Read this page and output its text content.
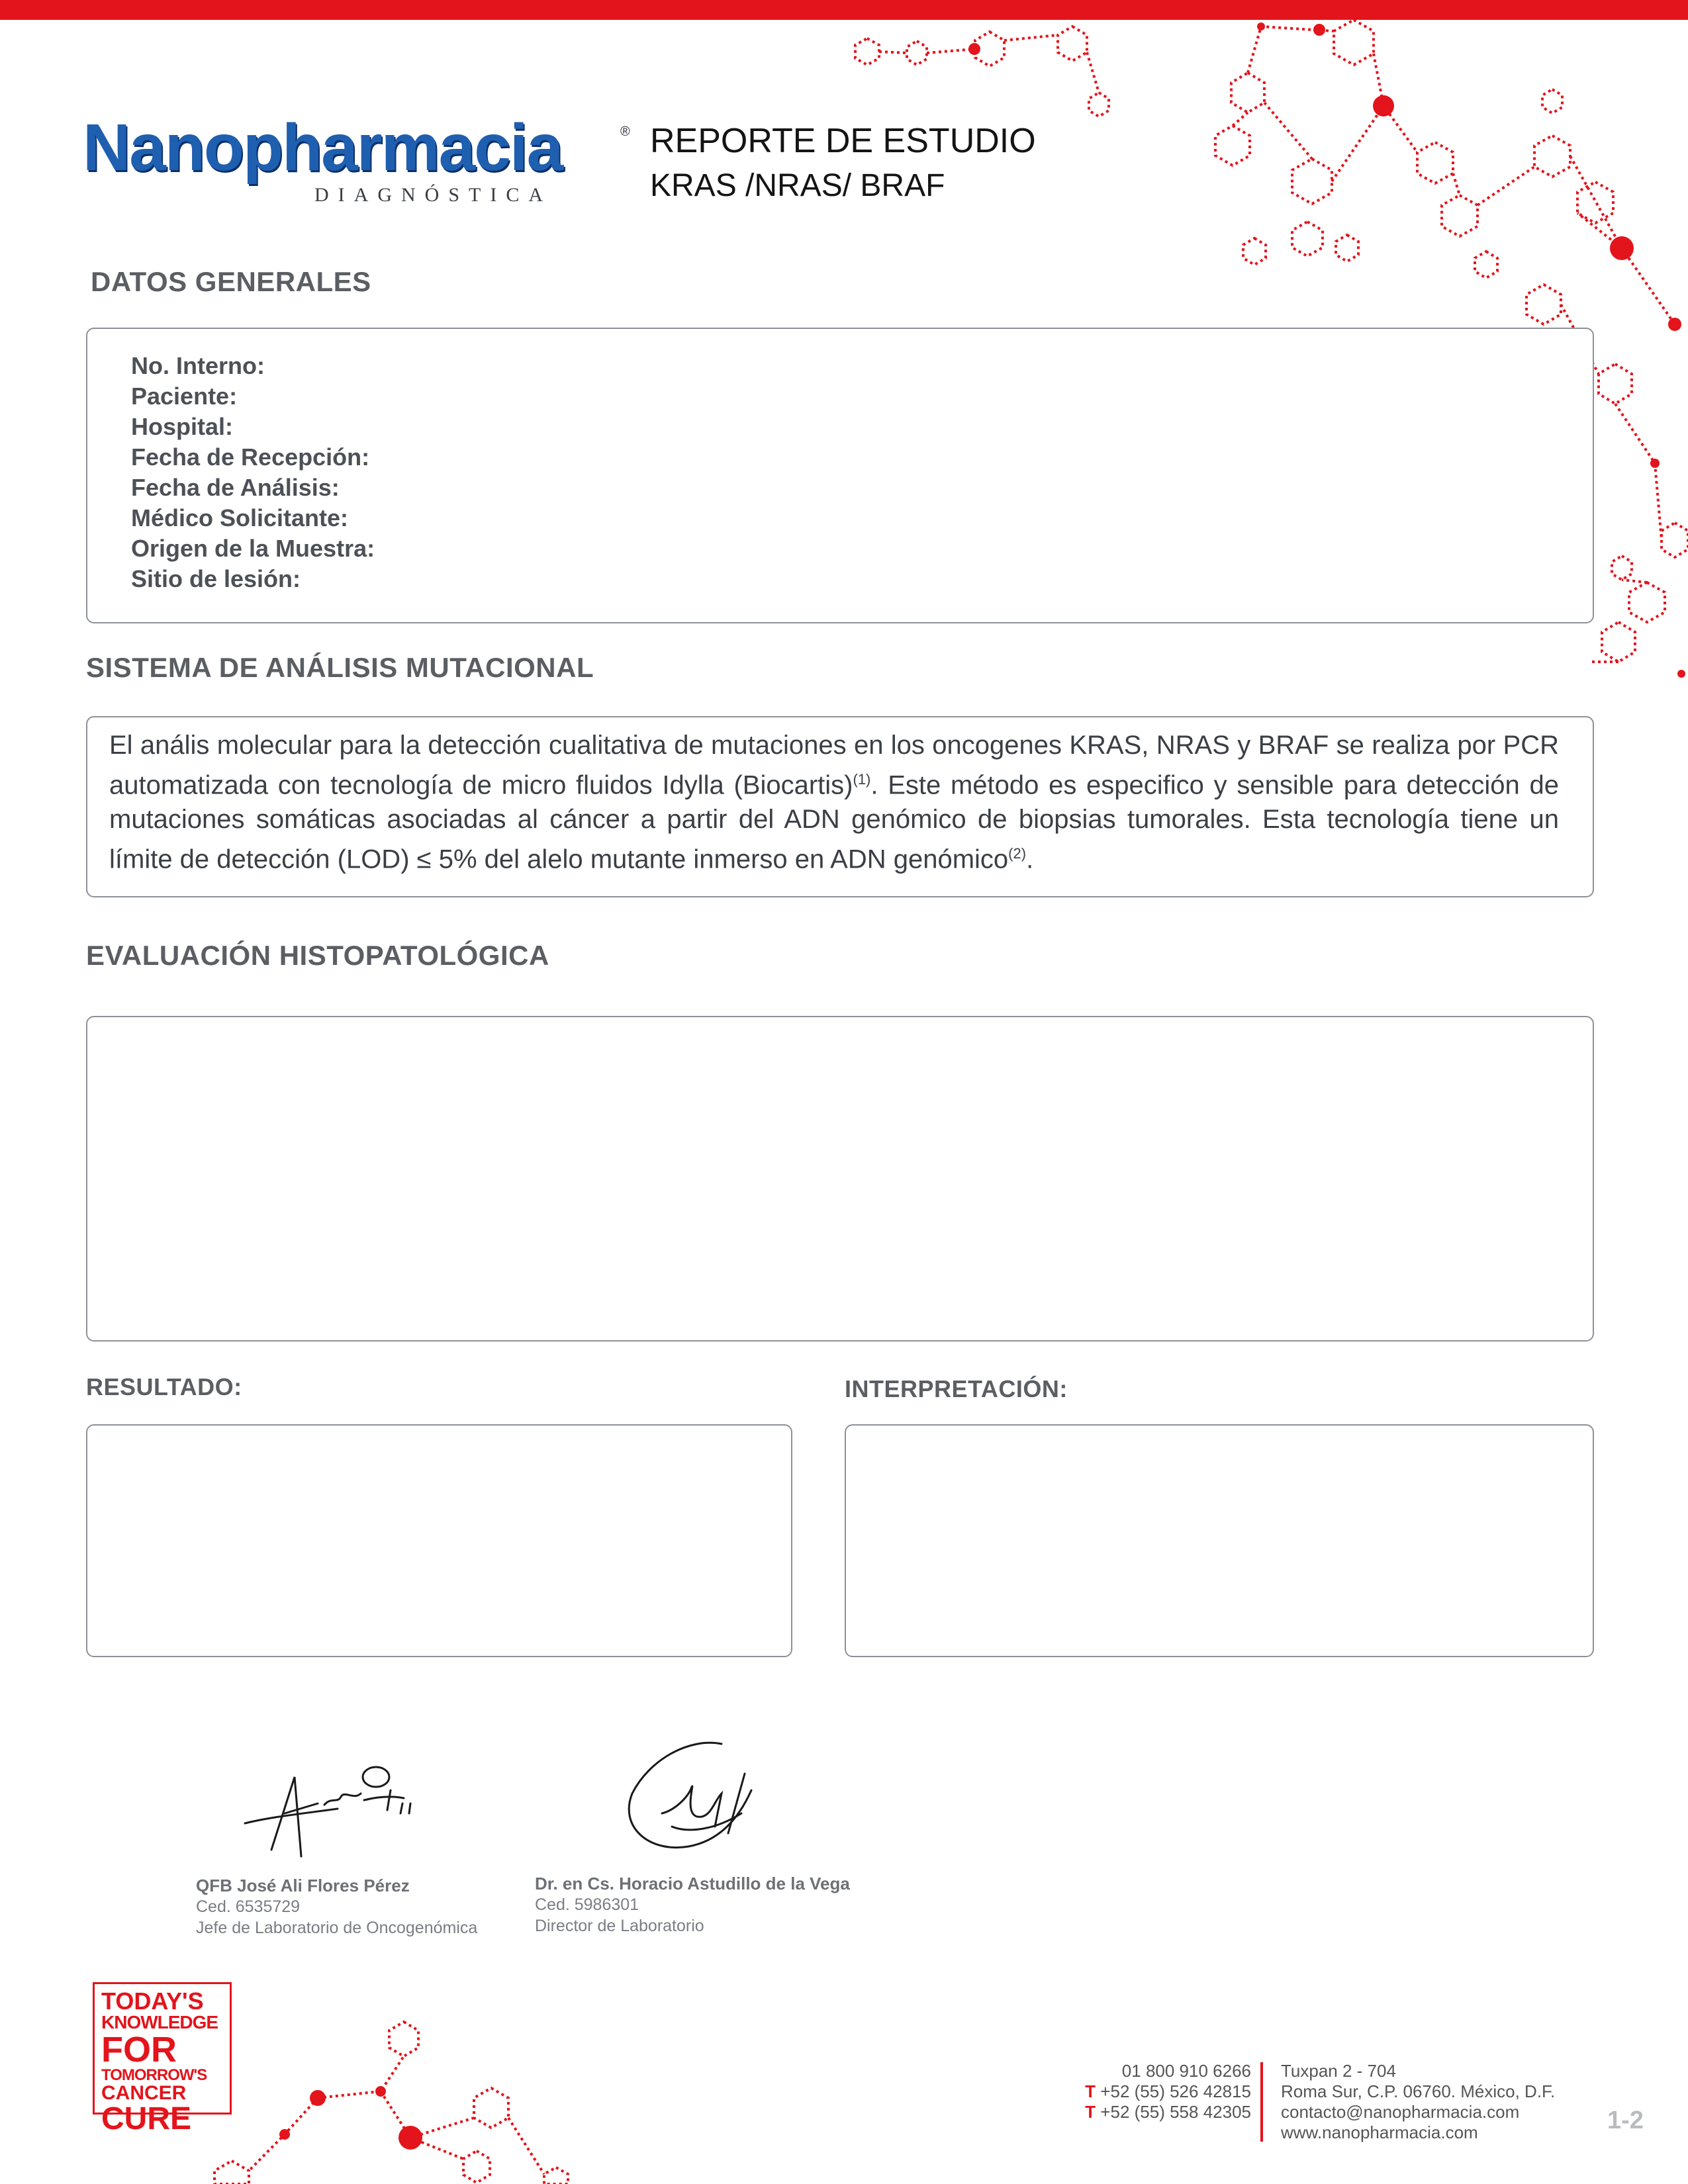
Nanopharmacia	®
DIAGNÓSTICA
REPORTE DE ESTUDIO
KRAS /NRAS/ BRAF
DATOS GENERALES
No. Interno:
Paciente:
Hospital:
Fecha de Recepción:
Fecha de Análisis:
Médico Solicitante:
Origen de la Muestra:
Sitio de lesión:
SISTEMA DE ANÁLISIS MUTACIONAL
El anális molecular para la detección cualitativa de mutaciones en los oncogenes KRAS, NRAS y BRAF se realiza por PCR automatizada con tecnología de micro fluidos Idylla (Biocartis)$^{(1)}$. Este método es especifico y sensible para detección de mutaciones somáticas asociadas al cáncer a partir del ADN genómico de biopsias tumorales. Esta tecnología tiene un límite de detección (LOD) ≤ 5% del alelo mutante inmerso en ADN genómico$^{(2)}$.
EVALUACIÓN HISTOPATOLÓGICA
RESULTADO:	INTERPRETACIÓN:
QFB José Ali Flores Pérez
Ced. 6535729
Jefe de Laboratorio de Oncogenómica
Dr. en Cs. Horacio Astudillo de la Vega
Ced. 5986301
Director de Laboratorio
TODAY'S
KNOWLEDGE
FOR
TOMORROW'S
CANCER
CURE
01 800 910 6266
T +52 (55) 526 42815
T +52 (55) 558 42305
Tuxpan 2 - 704
Roma Sur, C.P. 06760. México, D.F.
contacto@nanopharmacia.com
www.nanopharmacia.com	1-2
